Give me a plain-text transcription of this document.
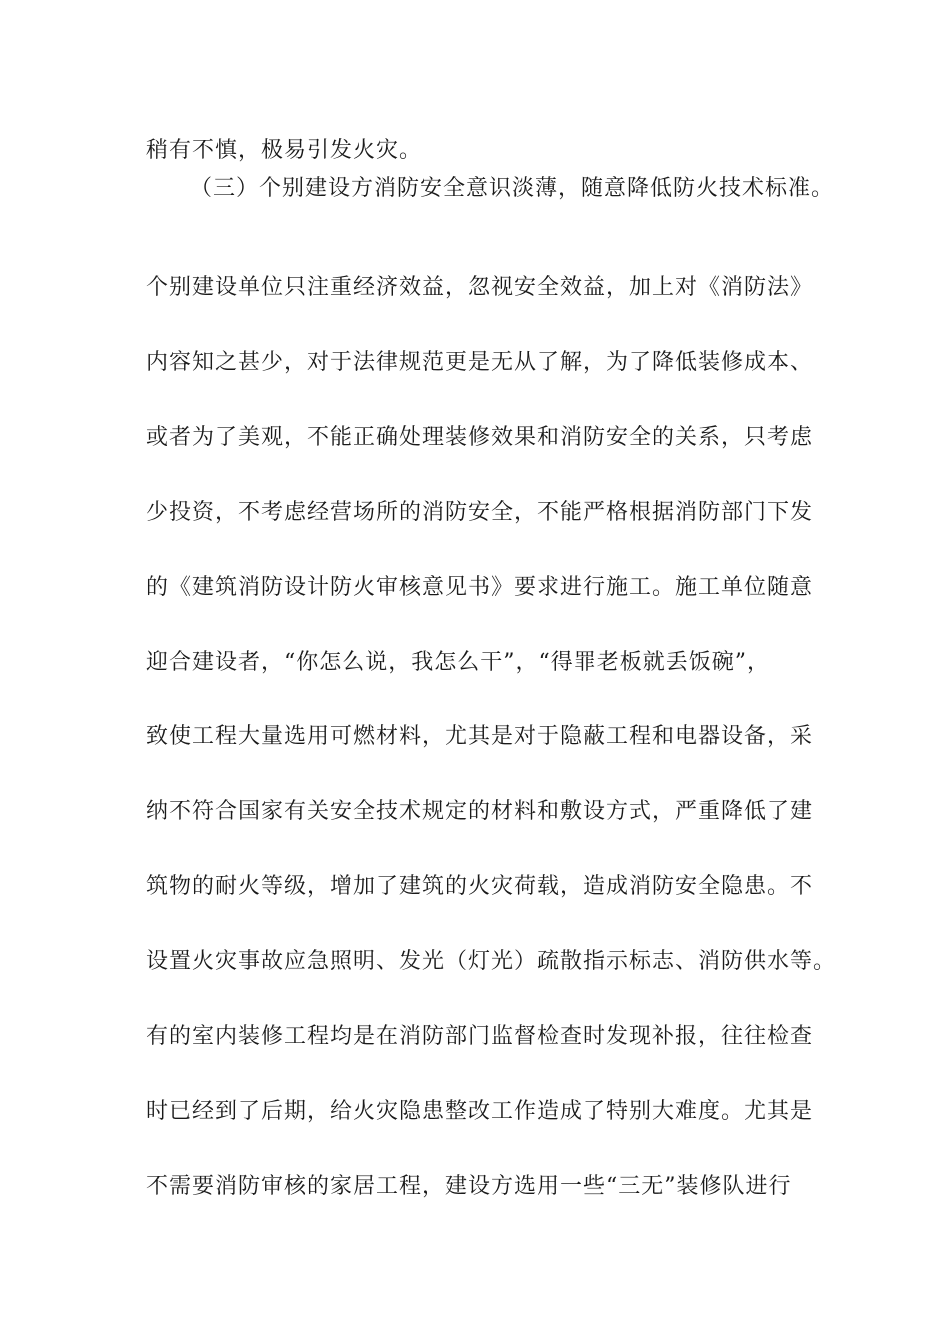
稍有不慎，极易引发火灾。

（三）个别建设方消防安全意识淡薄，随意降低防火技术标准。

个别建设单位只注重经济效益，忽视安全效益，加上对《消防法》

内容知之甚少，对于法律规范更是无从了解，为了降低装修成本、

或者为了美观，不能正确处理装修效果和消防安全的关系，只考虑

少投资，不考虑经营场所的消防安全，不能严格根据消防部门下发

的《建筑消防设计防火审核意见书》要求进行施工。施工单位随意

迎合建设者，“你怎么说，我怎么干”，“得罪老板就丢饭碗”，

致使工程大量选用可燃材料，尤其是对于隐蔽工程和电器设备，采

纳不符合国家有关安全技术规定的材料和敷设方式，严重降低了建

筑物的耐火等级，增加了建筑的火灾荷载，造成消防安全隐患。不

设置火灾事故应急照明、发光（灯光）疏散指示标志、消防供水等。

有的室内装修工程均是在消防部门监督检查时发现补报，往往检查

时已经到了后期，给火灾隐患整改工作造成了特别大难度。尤其是

不需要消防审核的家居工程，建设方选用一些“三无”装修队进行
